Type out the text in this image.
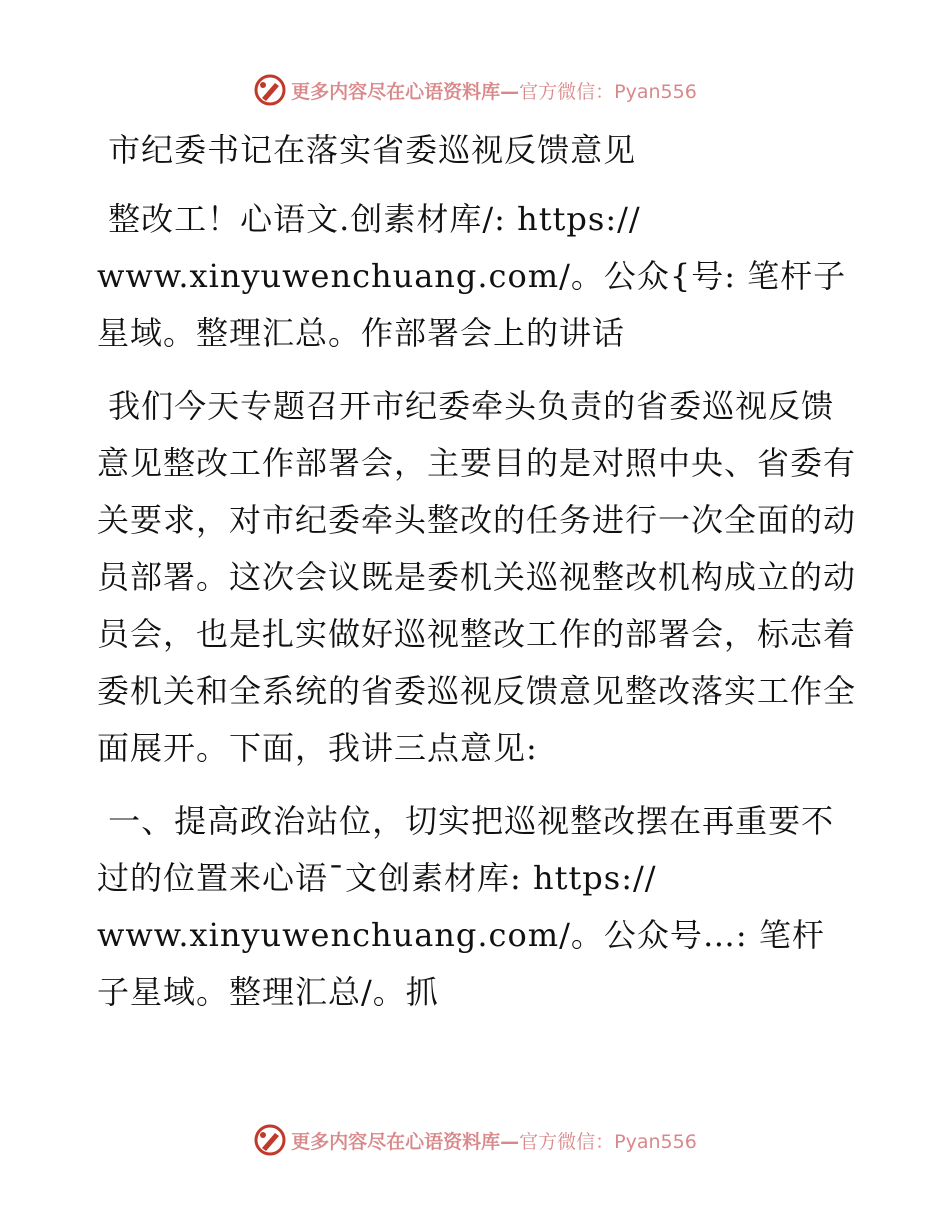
更多内容尽在心语资料库—官方微信：Pyan556

市纪委书记在落实省委巡视反馈意见

整改工！心语文.创素材库/: https://
www.xinyuwenchuang.com/。公众{号: 笔杆子星域。整理汇总。作部署会上的讲话

我们今天专题召开市纪委牵头负责的省委巡视反馈意见整改工作部署会，主要目的是对照中央、省委有关要求，对市纪委牵头整改的任务进行一次全面的动员部署。这次会议既是委机关巡视整改机构成立的动员会，也是扎实做好巡视整改工作的部署会，标志着委机关和全系统的省委巡视反馈意见整改落实工作全面展开。下面，我讲三点意见:

一、提高政治站位，切实把巡视整改摆在再重要不过的位置来心语¯文创素材库: https://
www.xinyuwenchuang.com/。公众号…: 笔杆子星域。整理汇总/。抓

更多内容尽在心语资料库—官方微信：Pyan556
